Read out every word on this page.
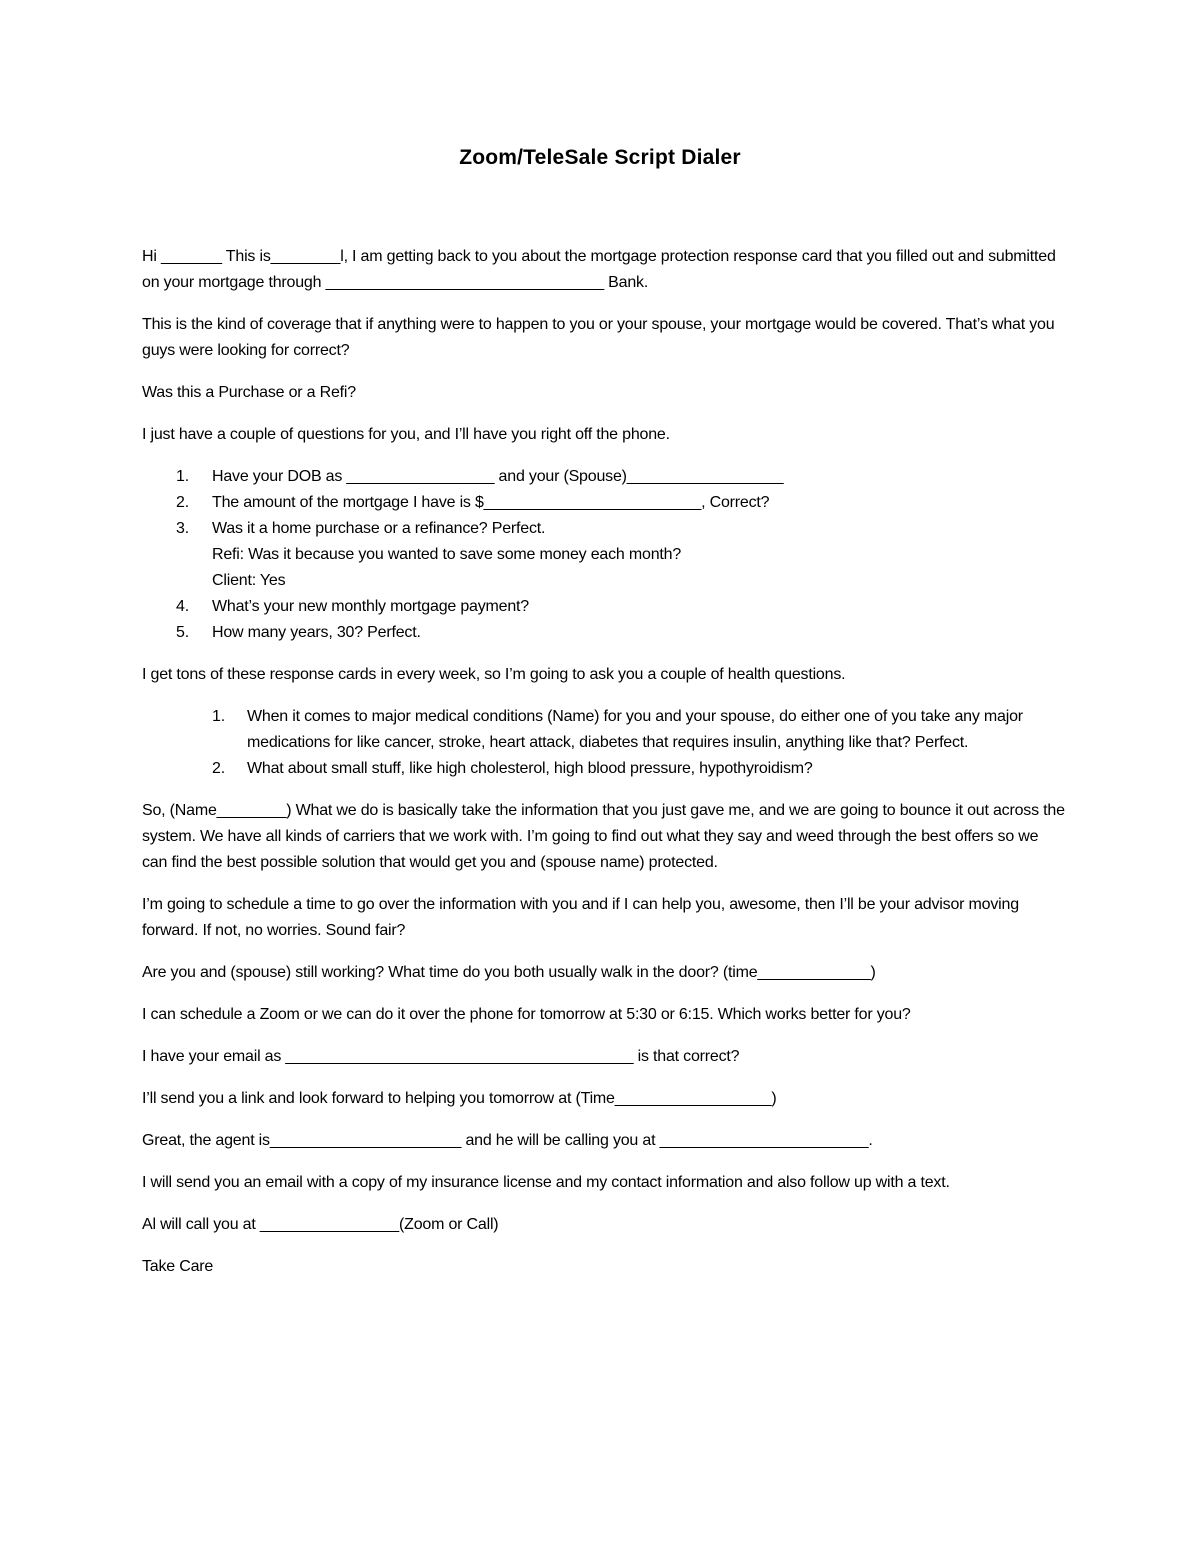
Zoom/TeleSale Script Dialer

Hi _______ This is________l, I am getting back to you about the mortgage protection response card that you filled out and submitted on your mortgage through ________________________________ Bank.

This is the kind of coverage that if anything were to happen to you or your spouse, your mortgage would be covered. That’s what you guys were looking for correct?

Was this a Purchase or a Refi?

I just have a couple of questions for you, and I’ll have you right off the phone.

1. Have your DOB as _________________ and your (Spouse)__________________
2. The amount of the mortgage I have is $_________________________, Correct?
3. Was it a home purchase or a refinance? Perfect.
Refi: Was it because you wanted to save some money each month?
Client: Yes
4. What’s your new monthly mortgage payment?
5. How many years, 30? Perfect.

I get tons of these response cards in every week, so I’m going to ask you a couple of health questions.

1. When it comes to major medical conditions (Name) for you and your spouse, do either one of you take any major medications for like cancer, stroke, heart attack, diabetes that requires insulin, anything like that? Perfect.
2. What about small stuff, like high cholesterol, high blood pressure, hypothyroidism?

So, (Name________) What we do is basically take the information that you just gave me, and we are going to bounce it out across the system. We have all kinds of carriers that we work with. I’m going to find out what they say and weed through the best offers so we can find the best possible solution that would get you and (spouse name) protected.

I’m going to schedule a time to go over the information with you and if I can help you, awesome, then I’ll be your advisor moving forward. If not, no worries. Sound fair?

Are you and (spouse) still working? What time do you both usually walk in the door? (time_____________)

I can schedule a Zoom or we can do it over the phone for tomorrow at 5:30 or 6:15. Which works better for you?

I have your email as ________________________________________ is that correct?

I’ll send you a link and look forward to helping you tomorrow at (Time__________________)

Great, the agent is______________________ and he will be calling you at ________________________.

I will send you an email with a copy of my insurance license and my contact information and also follow up with a text.

Al will call you at ________________(Zoom or Call)

Take Care
